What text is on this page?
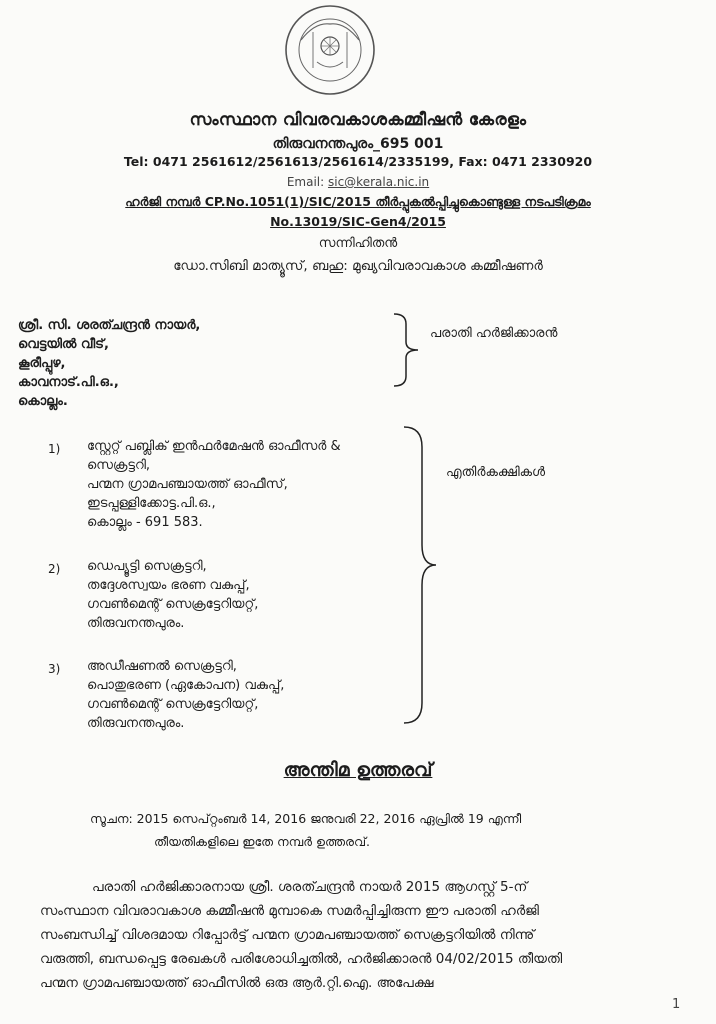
സംസ്ഥാന വിവരവകാശകമ്മീഷൻ കേരളം
തിരുവനന്തപുരം_695 001
Tel: 0471 2561612/2561613/2561614/2335199, Fax: 0471 2330920
Email: sic@kerala.nic.in
ഹർജി നമ്പർ CP.No.1051(1)/SIC/2015 തീർപ്പുകൽപ്പിച്ചുകൊണ്ടുള്ള നടപടിക്രമം
No.13019/SIC-Gen4/2015
സന്നിഹിതൻ
ഡോ.സിബി മാത്യൂസ്, ബഹു: മുഖ്യവിവരാവകാശ കമ്മീഷണർ
ശ്രീ. സി. ശരത്ചന്ദ്രൻ നായർ,
വെട്ടയിൽ വീട്,
കൂരീപ്പുഴ,
കാവനാട്.പി.ഒ.,
കൊല്ലം.
പരാതി ഹർജിക്കാരൻ
1) സ്റ്റേറ്റ് പബ്ലിക് ഇൻഫർമേഷൻ ഓഫീസർ &
സെക്രട്ടറി,
പന്മന ഗ്രാമപഞ്ചായത്ത് ഓഫീസ്,
ഇടപ്പള്ളിക്കോട്ട.പി.ഒ.,
കൊല്ലം - 691 583.
2) ഡെപ്യൂട്ടി സെക്രട്ടറി,
തദ്ദേശസ്വയം ഭരണ വകുപ്പ്,
ഗവൺമെന്റ് സെക്രട്ടേറിയറ്റ്,
തിരുവനന്തപുരം.
3) അഡീഷണൽ സെക്രട്ടറി,
പൊതുഭരണ (ഏകോപന) വകുപ്പ്,
ഗവൺമെന്റ് സെക്രട്ടേറിയറ്റ്,
തിരുവനന്തപുരം.
എതിർകക്ഷികൾ
അന്തിമ ഉത്തരവ്
സൂചന: 2015 സെപ്റ്റംബർ 14, 2016 ജനുവരി 22, 2016 ഏപ്രിൽ 19 എന്നീ
തീയതികളിലെ ഇതേ നമ്പർ ഉത്തരവ്.
പരാതി ഹർജിക്കാരനായ ശ്രീ. ശരത്ചന്ദ്രൻ നായർ 2015 ആഗസ്റ്റ് 5-ന്
സംസ്ഥാന വിവരാവകാശ കമ്മീഷൻ മുമ്പാകെ സമർപ്പിച്ചിരുന്ന ഈ പരാതി ഹർജി
സംബന്ധിച്ച് വിശദമായ റിപ്പോർട്ട് പന്മന ഗ്രാമപഞ്ചായത്ത് സെക്രട്ടറിയിൽ നിന്നു്
വരുത്തി, ബന്ധപ്പെട്ട രേഖകൾ പരിശോധിച്ചതിൽ, ഹർജിക്കാരൻ 04/02/2015 തീയതി
പന്മന ഗ്രാമപഞ്ചായത്ത് ഓഫീസിൽ ഒരു ആർ.റ്റി.ഐ. അപേക്ഷ
1
